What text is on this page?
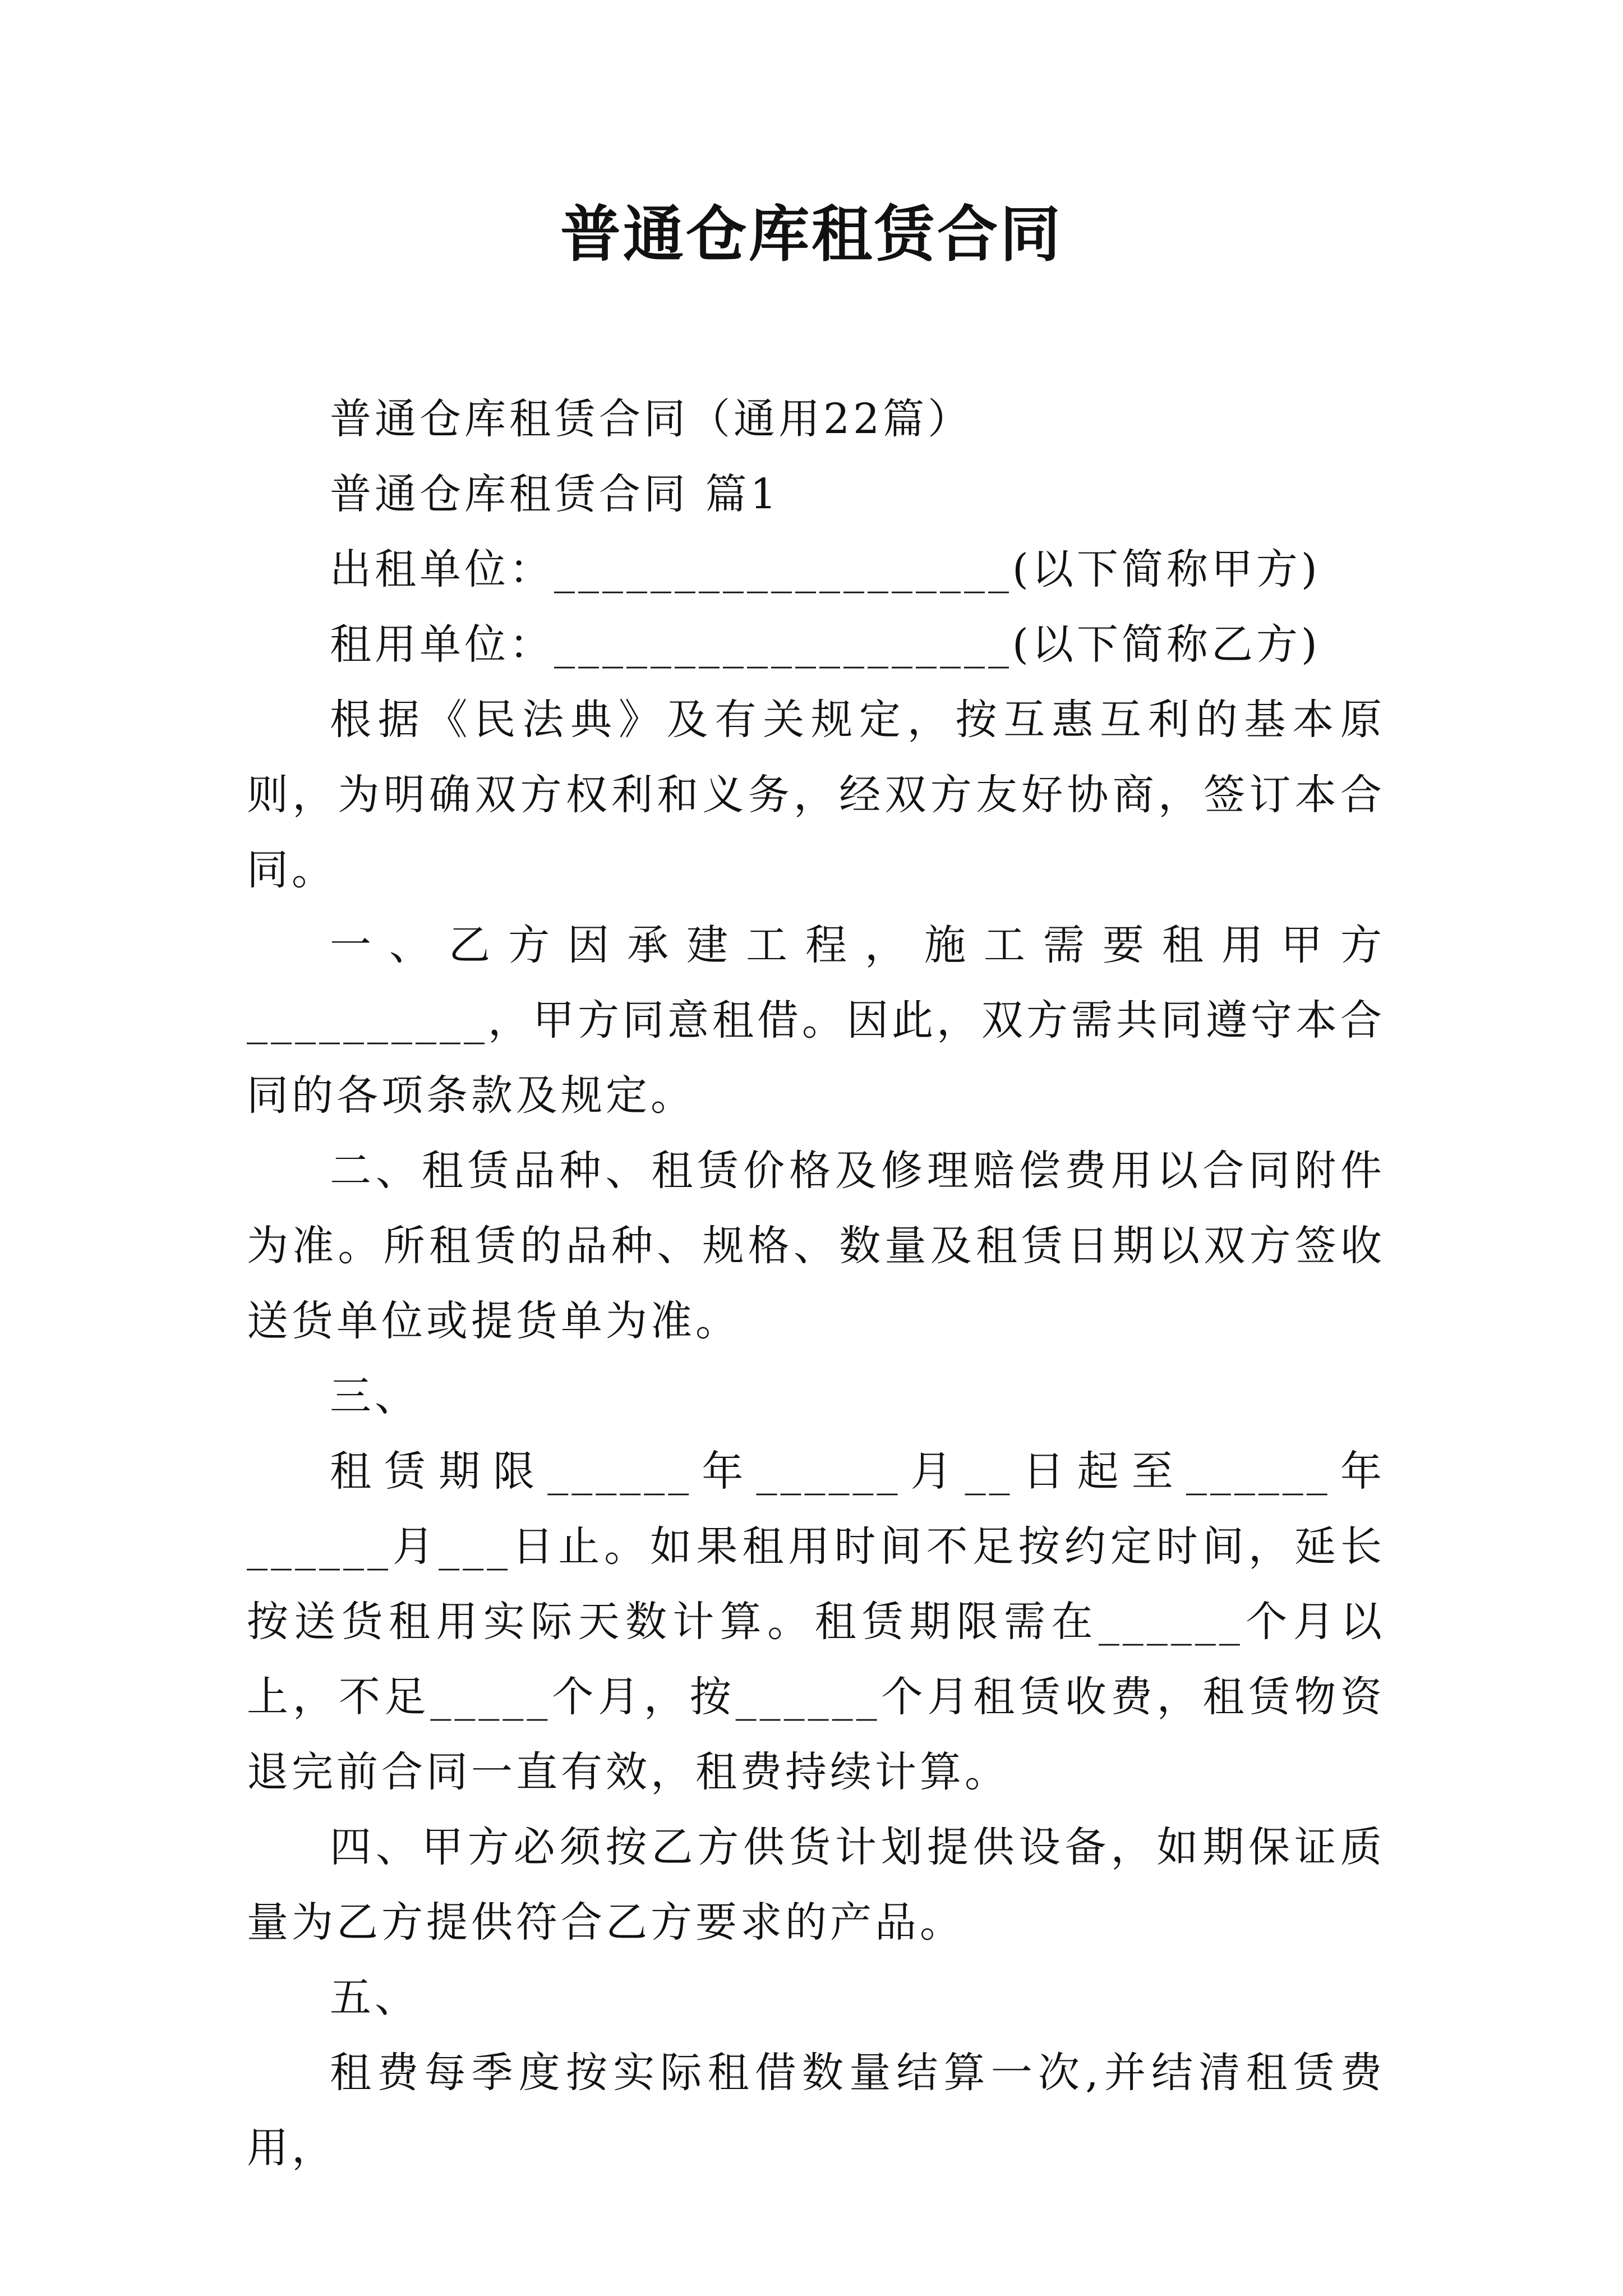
普通仓库租赁合同

普通仓库租赁合同（通用22篇）

普通仓库租赁合同 篇1

出租单位：___________________(以下简称甲方)

租用单位：___________________(以下简称乙方)

根据《民法典》及有关规定，按互惠互利的基本原则，为明确双方权利和义务，经双方友好协商，签订本合同。

一、乙方因承建工程，施工需要租用甲方__________，甲方同意租借。因此，双方需共同遵守本合同的各项条款及规定。

二、租赁品种、租赁价格及修理赔偿费用以合同附件为准。所租赁的品种、规格、数量及租赁日期以双方签收送货单位或提货单为准。

三、

租赁期限______年______月__日起至______年______月___日止。如果租用时间不足按约定时间，延长按送货租用实际天数计算。租赁期限需在______个月以上，不足_____个月，按______个月租赁收费，租赁物资退完前合同一直有效，租费持续计算。

四、甲方必须按乙方供货计划提供设备，如期保证质量为乙方提供符合乙方要求的产品。

五、

租费每季度按实际租借数量结算一次,并结清租赁费用，
